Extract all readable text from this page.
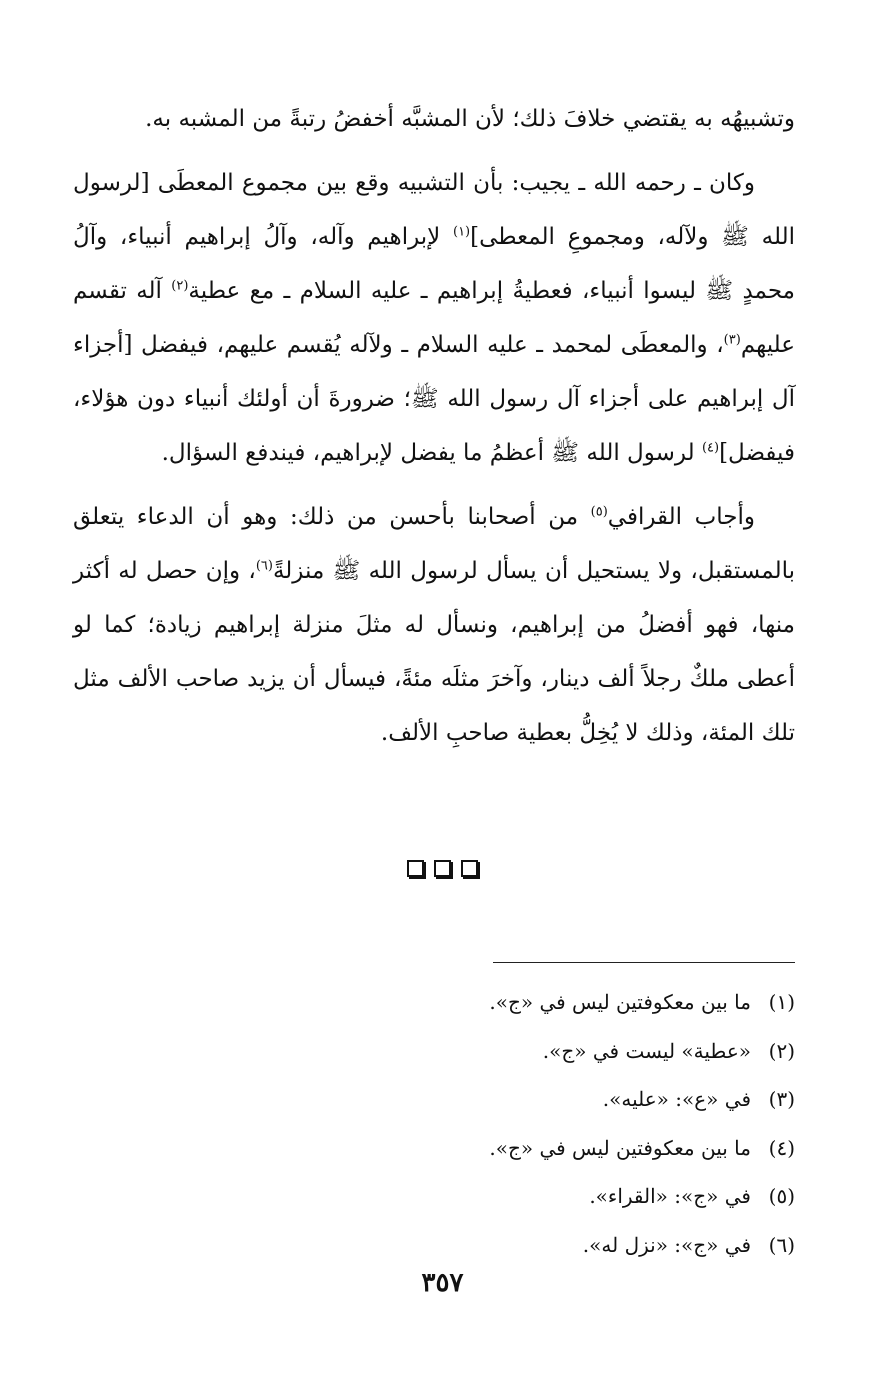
وتشبيهُه به يقتضي خلافَ ذلك؛ لأن المشبَّه أخفضُ رتبةً من المشبه به.

وكان ـ رحمه الله ـ يجيب: بأن التشبيه وقع بين مجموع المعطَى [لرسول الله ﷺ ولآله، ومجموعِ المعطى]$^{(١)}$ لإبراهيم وآله، وآلُ إبراهيم أنبياء، وآلُ محمدٍ ﷺ ليسوا أنبياء، فعطيةُ إبراهيم ـ عليه السلام ـ مع عطية$^{(٢)}$ آله تقسم عليهم$^{(٣)}$، والمعطَى لمحمد ـ عليه السلام ـ ولآله يُقسم عليهم، فيفضل [أجزاء آل إبراهيم على أجزاء آل رسول الله ﷺ؛ ضرورةَ أن أولئك أنبياء دون هؤلاء، فيفضل]$^{(٤)}$ لرسول الله ﷺ أعظمُ ما يفضل لإبراهيم، فيندفع السؤال.

وأجاب القرافي$^{(٥)}$ من أصحابنا بأحسن من ذلك: وهو أن الدعاء يتعلق بالمستقبل، ولا يستحيل أن يسأل لرسول الله ﷺ منزلةً$^{(٦)}$، وإن حصل له أكثر منها، فهو أفضلُ من إبراهيم، ونسأل له مثلَ منزلة إبراهيم زيادة؛ كما لو أعطى ملكٌ رجلاً ألف دينار، وآخرَ مثلَه مئةً، فيسأل أن يزيد صاحب الألف مثل تلك المئة، وذلك لا يُخِلُّ بعطية صاحبِ الألف.

(١)ما بين معكوفتين ليس في «ج».
(٢)«عطية» ليست في «ج».
(٣)في «ع»: «عليه».
(٤)ما بين معكوفتين ليس في «ج».
(٥)في «ج»: «القراء».
(٦)في «ج»: «نزل له».
٣٥٧
